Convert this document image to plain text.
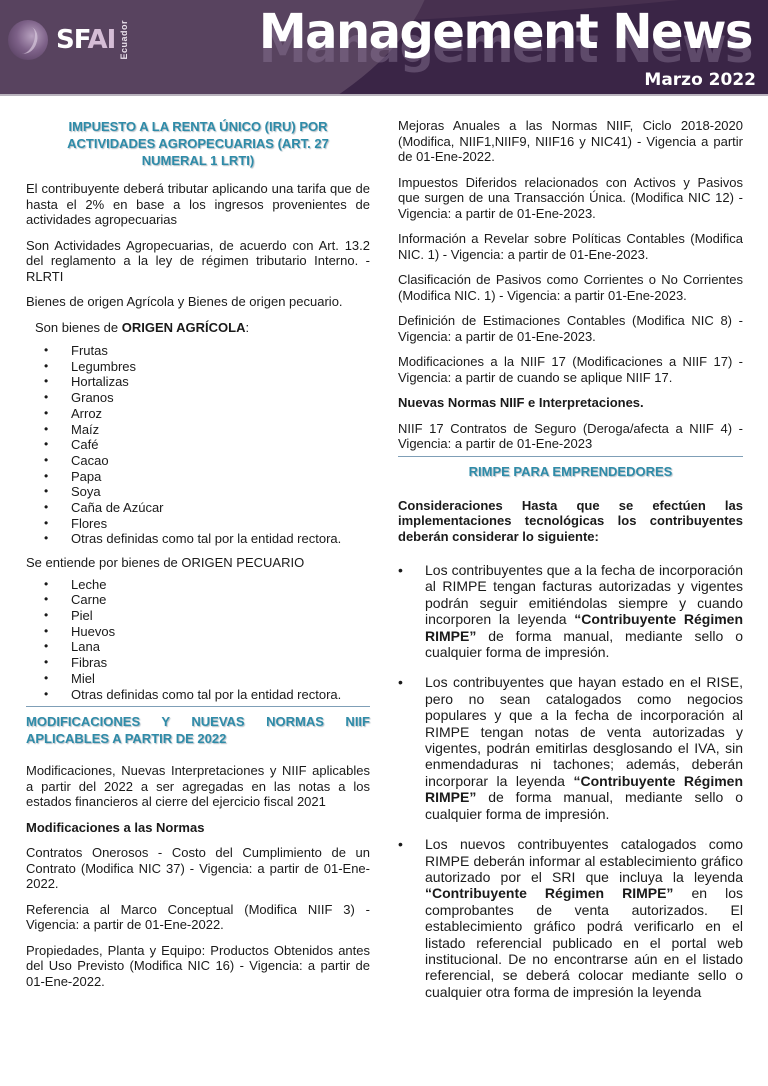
SFAI Ecuador	Management News
Marzo 2022
IMPUESTO A LA RENTA ÚNICO (IRU) POR ACTIVIDADES AGROPECUARIAS (ART. 27 NUMERAL 1 LRTI)

El contribuyente deberá tributar aplicando una tarifa que de hasta el 2% en base a los ingresos provenientes de actividades agropecuarias

Son Actividades Agropecuarias, de acuerdo con Art. 13.2 del reglamento a la ley de régimen tributario Interno. - RLRTI

Bienes de origen Agrícola y Bienes de origen pecuario.

Son bienes de ORIGEN AGRÍCOLA:

• Frutas
• Legumbres
• Hortalizas
• Granos
• Arroz
• Maíz
• Café
• Cacao
• Papa
• Soya
• Caña de Azúcar
• Flores
• Otras definidas como tal por la entidad rectora.

Se entiende por bienes de ORIGEN PECUARIO

• Leche
• Carne
• Piel
• Huevos
• Lana
• Fibras
• Miel
• Otras definidas como tal por la entidad rectora.
MODIFICACIONES Y NUEVAS NORMAS NIIF APLICABLES A PARTIR DE 2022

Modificaciones, Nuevas Interpretaciones y NIIF aplicables a partir del 2022 a ser agregadas en las notas a los estados financieros al cierre del ejercicio fiscal 2021

Modificaciones a las Normas

Contratos Onerosos - Costo del Cumplimiento de un Contrato (Modifica NIC 37) - Vigencia: a partir de 01-Ene-2022.

Referencia al Marco Conceptual (Modifica NIIF 3) - Vigencia: a partir de 01-Ene-2022.

Propiedades, Planta y Equipo: Productos Obtenidos antes del Uso Previsto (Modifica NIC 16) - Vigencia: a partir de 01-Ene-2022.

Mejoras Anuales a las Normas NIIF, Ciclo 2018-2020 (Modifica, NIIF1,NIIF9, NIIF16 y NIC41) - Vigencia a partir de 01-Ene-2022.

Impuestos Diferidos relacionados con Activos y Pasivos que surgen de una Transacción Única. (Modifica NIC 12) - Vigencia: a partir de 01-Ene-2023.

Información a Revelar sobre Políticas Contables (Modifica NIC. 1) - Vigencia: a partir de 01-Ene-2023.

Clasificación de Pasivos como Corrientes o No Corrientes (Modifica NIC. 1) - Vigencia: a partir 01-Ene-2023.

Definición de Estimaciones Contables (Modifica NIC 8) - Vigencia: a partir de 01-Ene-2023.

Modificaciones a la NIIF 17 (Modificaciones a NIIF 17) - Vigencia: a partir de cuando se aplique NIIF 17.

Nuevas Normas NIIF e Interpretaciones.

NIIF 17 Contratos de Seguro (Deroga/afecta a NIIF 4) - Vigencia: a partir de 01-Ene-2023

RIMPE PARA EMPRENDEDORES

Consideraciones Hasta que se efectúen las implementaciones tecnológicas los contribuyentes deberán considerar lo siguiente:

• Los contribuyentes que a la fecha de incorporación al RIMPE tengan facturas autorizadas y vigentes podrán seguir emitiéndolas siempre y cuando incorporen la leyenda “Contribuyente Régimen RIMPE” de forma manual, mediante sello o cualquier forma de impresión.
• Los contribuyentes que hayan estado en el RISE, pero no sean catalogados como negocios populares y que a la fecha de incorporación al RIMPE tengan notas de venta autorizadas y vigentes, podrán emitirlas desglosando el IVA, sin enmendaduras ni tachones; además, deberán incorporar la leyenda “Contribuyente Régimen RIMPE” de forma manual, mediante sello o cualquier forma de impresión.
• Los nuevos contribuyentes catalogados como RIMPE deberán informar al establecimiento gráfico autorizado por el SRI que incluya la leyenda “Contribuyente Régimen RIMPE” en los comprobantes de venta autorizados. El establecimiento gráfico podrá verificarlo en el listado referencial publicado en el portal web institucional. De no encontrarse aún en el listado referencial, se deberá colocar mediante sello o cualquier otra forma de impresión la leyenda
